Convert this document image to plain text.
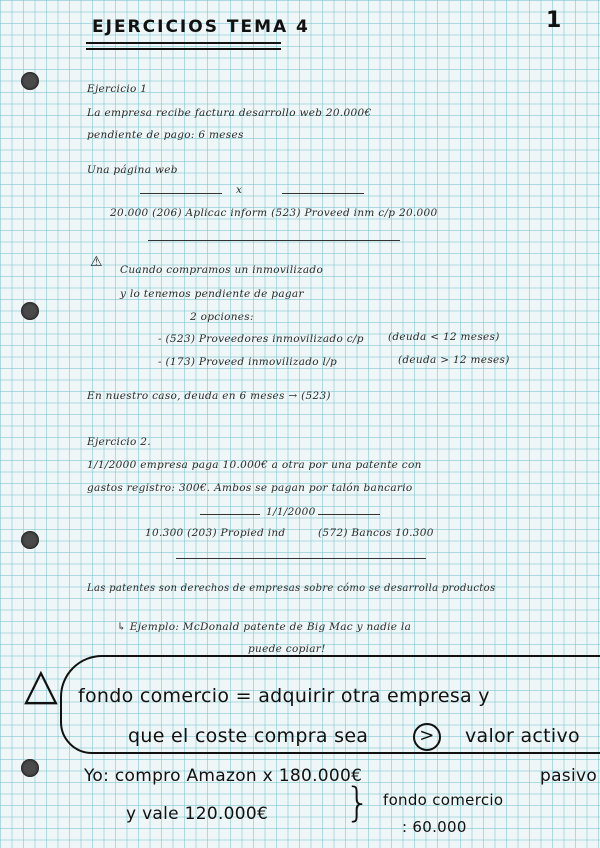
EJERCICIOS TEMA 4	1
Ejercicio 1
La empresa recibe factura desarrollo web 20.000€
pendiente de pago: 6 meses
Una página web
x
20.000 (206) Aplicac inform (523) Proveed inm c/p 20.000
⚠ Cuando compramos un inmovilizado
y lo tenemos pendiente de pagar
2 opciones:
- (523) Proveedores inmovilizado c/p (deuda < 12 meses)
- (173) Proveed inmovilizado l/p	(deuda > 12 meses)
En nuestro caso, deuda en 6 meses → (523)
Ejercicio 2.
1/1/2000 empresa paga 10.000€ a otra por una patente con
gastos registro: 300€. Ambos se pagan por talón bancario
1/1/2000
10.300 (203) Propied ind	(572) Bancos 10.300
Las patentes son derechos de empresas sobre cómo se desarrolla productos
↳ Ejemplo: McDonald patente de Big Mac y nadie la
puede copiar!
△ fondo comercio = adquirir otra empresa y
que el coste compra sea	>	valor activo
pasivo
Yo: compro Amazon x 180.000€
y vale 120.000€ } fondo comercio
: 60.000
